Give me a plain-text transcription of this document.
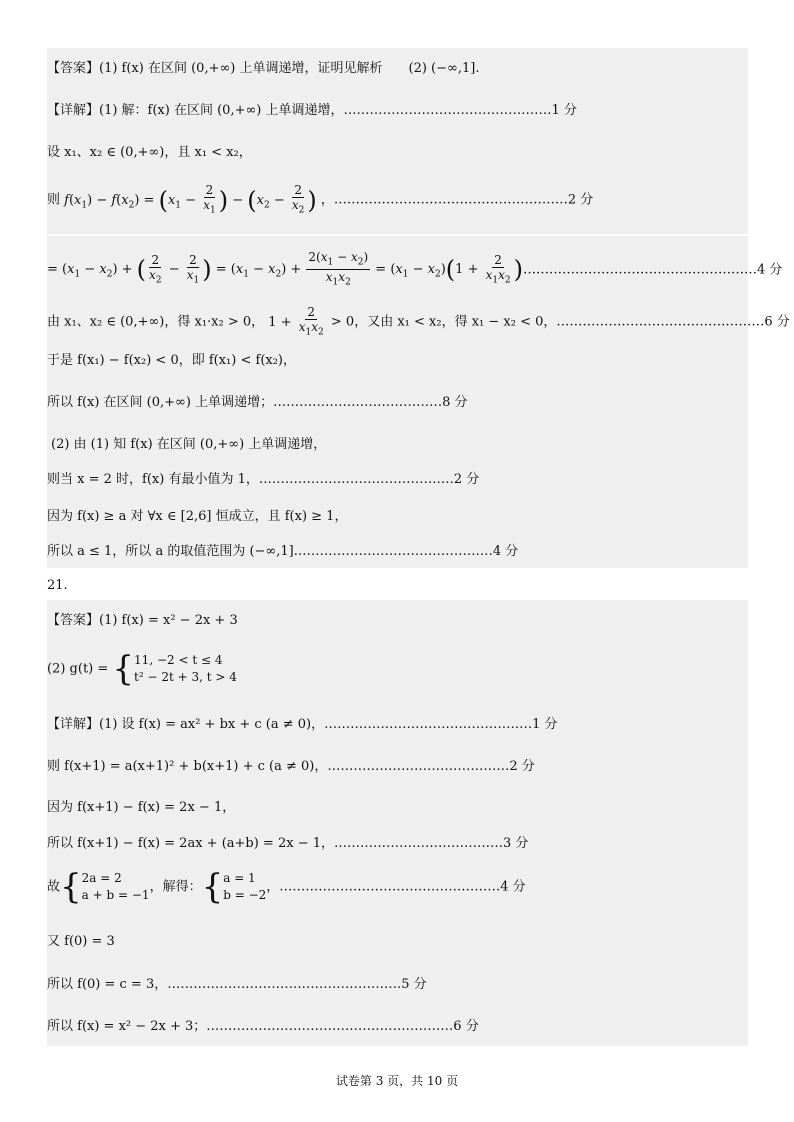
【答案】(1) f(x) 在区间 (0,+∞) 上单调递增，证明见解析　　(2) (−∞,1].
【详解】(1) 解：f(x) 在区间 (0,+∞) 上单调递增，…………………………………………1 分
设 x₁、x₂ ∈ (0,+∞)，且 x₁ < x₂，
则 $f(x_1) - f(x_2) = (x_1 - \frac{2}{x_1}$ ) − ($x_2 - \frac{2}{x_2}$ ) ，………………………………………………2 分
= $(x_1 - x_2)$ + ( $\frac{2}{x_2} - \frac{2}{x_1}$ ) = $(x_1 - x_2) + \frac{2(x_1 - x_2)}{x_1x_2} = (x_1 - x_2)(1 + \frac{2}{x_1x_2}$ )………………………………………………4 分
由 x₁、x₂ ∈ (0,+∞)，得 x₁·x₂ > 0， $1 + \frac{2}{x_1x_2} > 0$，又由 x₁ < x₂，得 x₁ − x₂ < 0，…………………………………………6 分
于是 f(x₁) − f(x₂) < 0，即 f(x₁) < f(x₂)，
所以 f(x) 在区间 (0,+∞) 上单调递增；…………………………………8 分
(2) 由 (1) 知 f(x) 在区间 (0,+∞) 上单调递增，
则当 x = 2 时，f(x) 有最小值为 1，………………………………………2 分
因为 f(x) ≥ a 对 ∀x ∈ [2,6] 恒成立，且 f(x) ≥ 1，
所以 a ≤ 1，所以 a 的取值范围为 (−∞,1].………………………………………4 分
21.
【答案】(1) f(x) = x² − 2x + 3
(2) g(t) = { 11, −2 < t ≤ 4
t² − 2t + 3, t > 4
【详解】(1) 设 f(x) = ax² + bx + c (a ≠ 0)，…………………………………………1 分
则 f(x+1) = a(x+1)² + b(x+1) + c (a ≠ 0)，……………………………………2 分
因为 f(x+1) − f(x) = 2x − 1，
所以 f(x+1) − f(x) = 2ax + (a+b) = 2x − 1，…………………………………3 分
故{ 2a = 2
a + b = −1
，解得：{ a = 1
b = −2
，……………………………………………4 分
又 f(0) = 3
所以 f(0) = c = 3，………………………………………………5 分
所以 f(x) = x² − 2x + 3；…………………………………………………6 分
试卷第 3 页，共 10 页
